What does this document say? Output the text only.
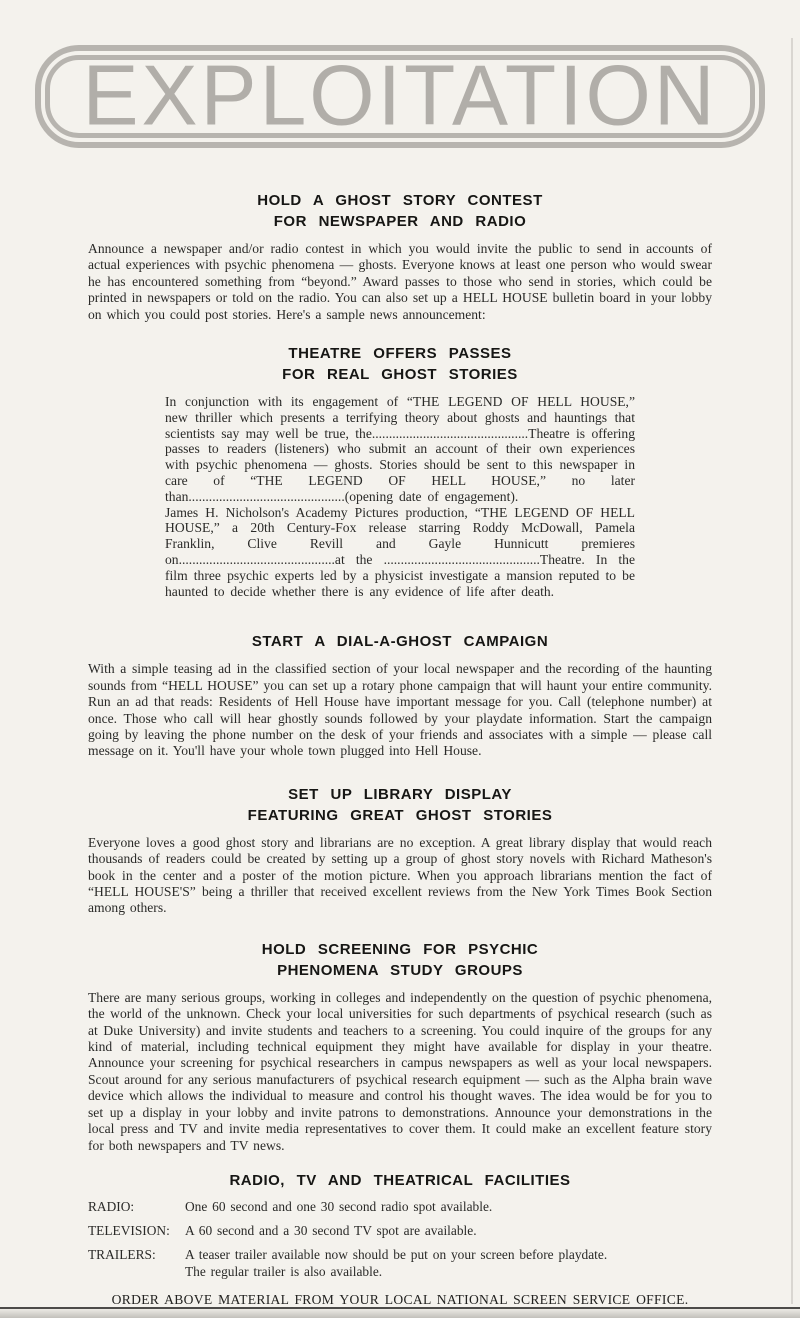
EXPLOITATION
HOLD A GHOST STORY CONTEST
FOR NEWSPAPER AND RADIO
Announce a newspaper and/or radio contest in which you would invite the public to send in accounts of actual experiences with psychic phenomena — ghosts. Everyone knows at least one person who would swear he has encountered something from “beyond.” Award passes to those who send in stories, which could be printed in newspapers or told on the radio. You can also set up a HELL HOUSE bulletin board in your lobby on which you could post stories. Here's a sample news announcement:
THEATRE OFFERS PASSES
FOR REAL GHOST STORIES
In conjunction with its engagement of “THE LEGEND OF HELL HOUSE,” new thriller which presents a terrifying theory about ghosts and hauntings that scientists say may well be true, the..............................................Theatre is offering passes to readers (listeners) who submit an account of their own experiences with psychic phenomena — ghosts. Stories should be sent to this newspaper in care of “THE LEGEND OF HELL HOUSE,” no later than..............................................(opening date of engagement).
James H. Nicholson's Academy Pictures production, “THE LEGEND OF HELL HOUSE,” a 20th Century-Fox release starring Roddy McDowall, Pamela Franklin, Clive Revill and Gayle Hunnicutt premieres on..............................................at the ..............................................Theatre. In the film three psychic experts led by a physicist investigate a mansion reputed to be haunted to decide whether there is any evidence of life after death.
START A DIAL-A-GHOST CAMPAIGN
With a simple teasing ad in the classified section of your local newspaper and the recording of the haunting sounds from “HELL HOUSE” you can set up a rotary phone campaign that will haunt your entire community. Run an ad that reads: Residents of Hell House have important message for you. Call (telephone number) at once. Those who call will hear ghostly sounds followed by your playdate information. Start the campaign going by leaving the phone number on the desk of your friends and associates with a simple — please call message on it. You'll have your whole town plugged into Hell House.
SET UP LIBRARY DISPLAY
FEATURING GREAT GHOST STORIES
Everyone loves a good ghost story and librarians are no exception. A great library display that would reach thousands of readers could be created by setting up a group of ghost story novels with Richard Matheson's book in the center and a poster of the motion picture. When you approach librarians mention the fact of “HELL HOUSE'S” being a thriller that received excellent reviews from the New York Times Book Section among others.
HOLD SCREENING FOR PSYCHIC
PHENOMENA STUDY GROUPS
There are many serious groups, working in colleges and independently on the question of psychic phenomena, the world of the unknown. Check your local universities for such departments of psychical research (such as at Duke University) and invite students and teachers to a screening. You could inquire of the groups for any kind of material, including technical equipment they might have available for display in your theatre. Announce your screening for psychical researchers in campus newspapers as well as your local newspapers. Scout around for any serious manufacturers of psychical research equipment — such as the Alpha brain wave device which allows the individual to measure and control his thought waves. The idea would be for you to set up a display in your lobby and invite patrons to demonstrations. Announce your demonstrations in the local press and TV and invite media representatives to cover them. It could make an excellent feature story for both newspapers and TV news.
RADIO, TV AND THEATRICAL FACILITIES
RADIO:	One 60 second and one 30 second radio spot available.
TELEVISION:	A 60 second and a 30 second TV spot are available.
TRAILERS:	A teaser trailer available now should be put on your screen before playdate.
The regular trailer is also available.
ORDER ABOVE MATERIAL FROM YOUR LOCAL NATIONAL SCREEN SERVICE OFFICE.
